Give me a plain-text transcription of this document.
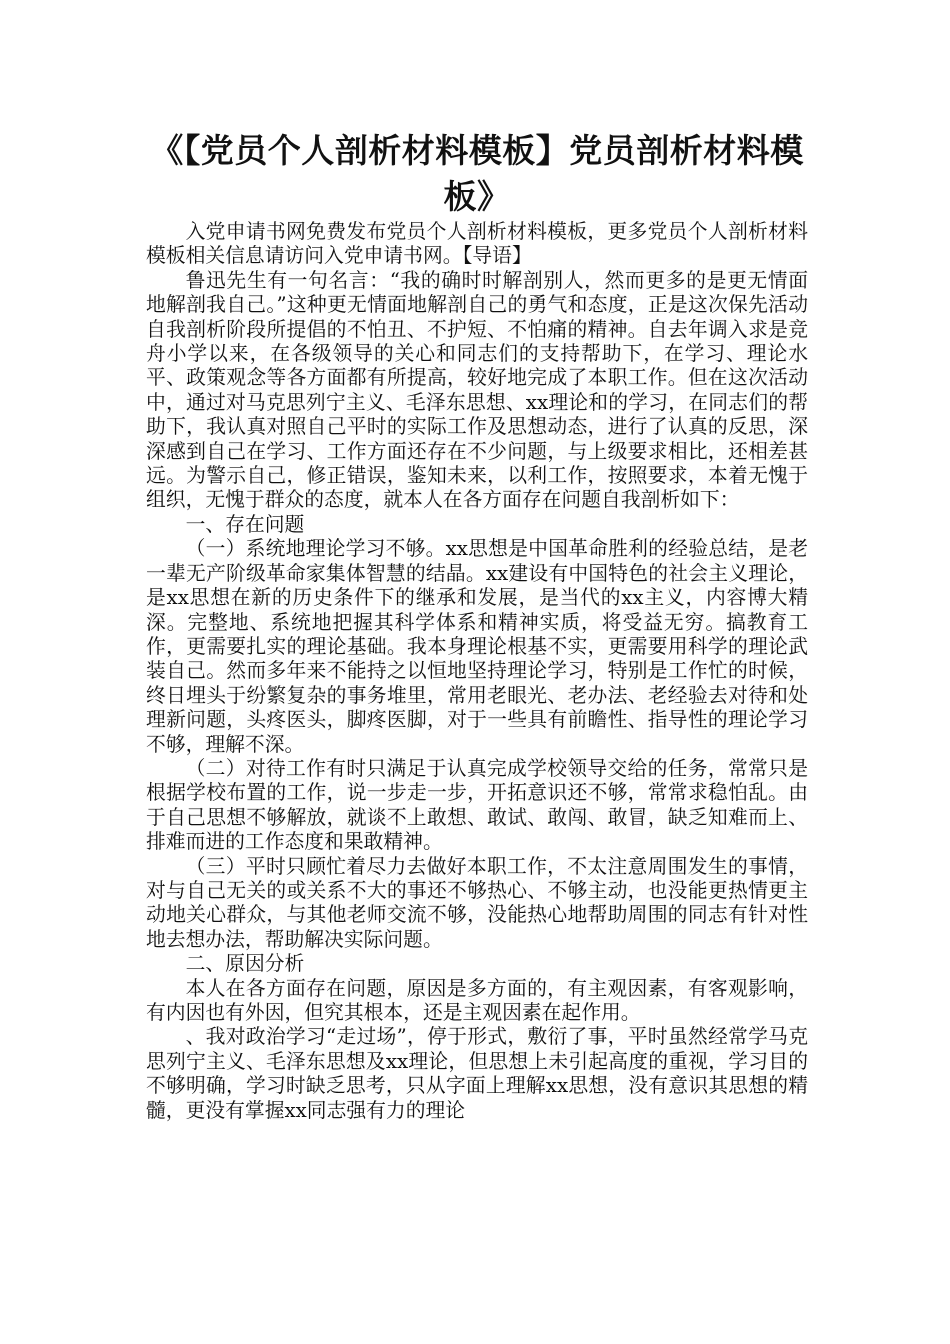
《【党员个人剖析材料模板】党员剖析材料模板》

入党申请书网免费发布党员个人剖析材料模板，更多党员个人剖析材料模板相关信息请访问入党申请书网。【导语】

鲁迅先生有一句名言：“我的确时时解剖别人，然而更多的是更无情面地解剖我自己。”这种更无情面地解剖自己的勇气和态度，正是这次保先活动自我剖析阶段所提倡的不怕丑、不护短、不怕痛的精神。自去年调入求是竞舟小学以来，在各级领导的关心和同志们的支持帮助下，在学习、理论水平、政策观念等各方面都有所提高，较好地完成了本职工作。但在这次活动中，通过对马克思列宁主义、毛泽东思想、xx理论和的学习，在同志们的帮助下，我认真对照自己平时的实际工作及思想动态，进行了认真的反思，深深感到自己在学习、工作方面还存在不少问题，与上级要求相比，还相差甚远。为警示自己，修正错误，鉴知未来，以利工作，按照要求，本着无愧于组织，无愧于群众的态度，就本人在各方面存在问题自我剖析如下：

一、存在问题

（一）系统地理论学习不够。xx思想是中国革命胜利的经验总结，是老一辈无产阶级革命家集体智慧的结晶。xx建设有中国特色的社会主义理论，是xx思想在新的历史条件下的继承和发展，是当代的xx主义，内容博大精深。完整地、系统地把握其科学体系和精神实质，将受益无穷。搞教育工作，更需要扎实的理论基础。我本身理论根基不实，更需要用科学的理论武装自己。然而多年来不能持之以恒地坚持理论学习，特别是工作忙的时候，终日埋头于纷繁复杂的事务堆里，常用老眼光、老办法、老经验去对待和处理新问题，头疼医头，脚疼医脚，对于一些具有前瞻性、指导性的理论学习不够，理解不深。

（二）对待工作有时只满足于认真完成学校领导交给的任务，常常只是根据学校布置的工作，说一步走一步，开拓意识还不够，常常求稳怕乱。由于自己思想不够解放，就谈不上敢想、敢试、敢闯、敢冒，缺乏知难而上、排难而进的工作态度和果敢精神。

（三）平时只顾忙着尽力去做好本职工作，不太注意周围发生的事情，对与自己无关的或关系不大的事还不够热心、不够主动，也没能更热情更主动地关心群众，与其他老师交流不够，没能热心地帮助周围的同志有针对性地去想办法，帮助解决实际问题。

二、原因分析

本人在各方面存在问题，原因是多方面的，有主观因素，有客观影响，有内因也有外因，但究其根本，还是主观因素在起作用。

、我对政治学习“走过场”，停于形式，敷衍了事，平时虽然经常学马克思列宁主义、毛泽东思想及xx理论，但思想上未引起高度的重视，学习目的不够明确，学习时缺乏思考，只从字面上理解xx思想，没有意识其思想的精髓，更没有掌握xx同志强有力的理论
